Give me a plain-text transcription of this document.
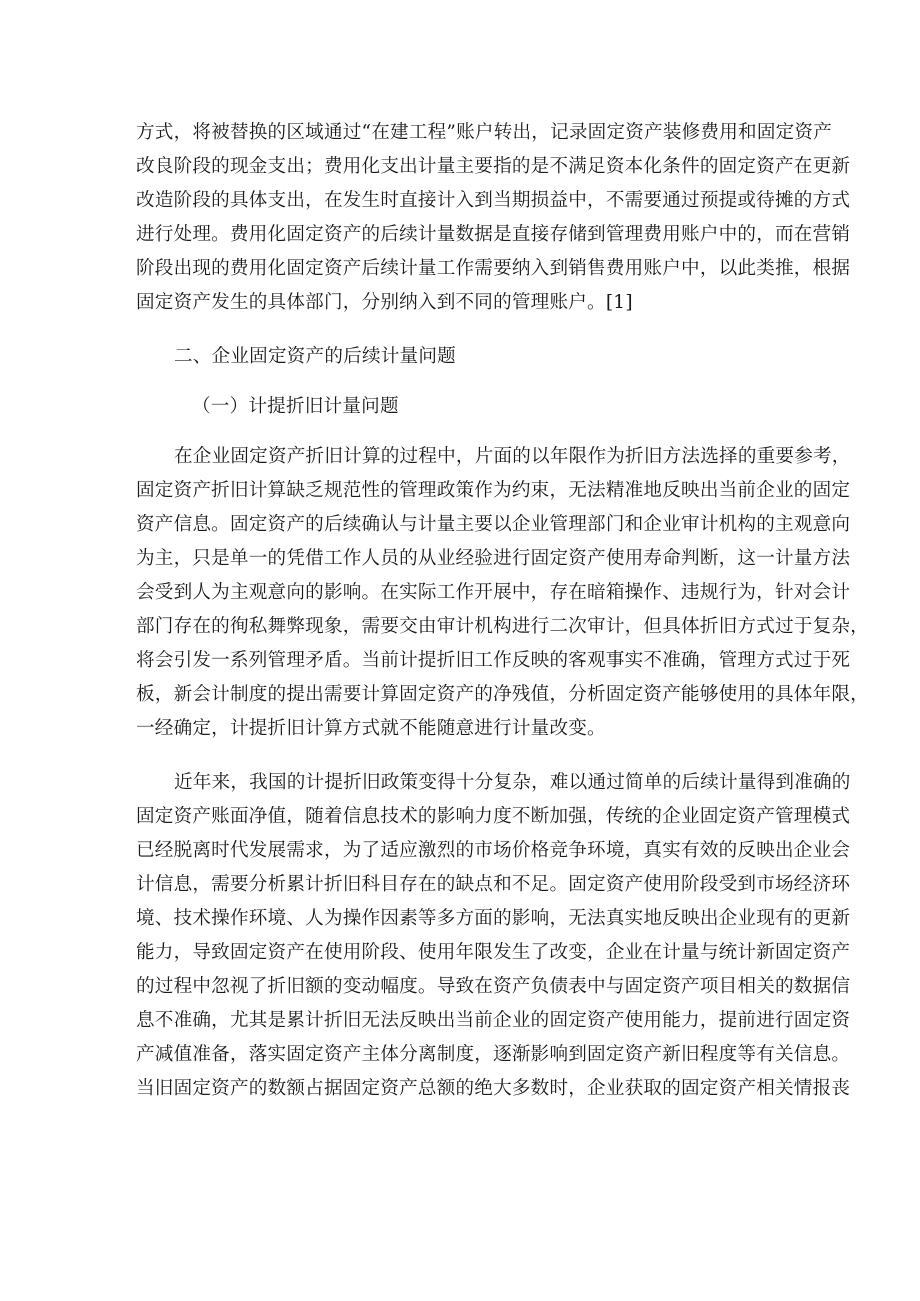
方式，将被替换的区域通过“在建工程”账户转出，记录固定资产装修费用和固定资产
改良阶段的现金支出；费用化支出计量主要指的是不满足资本化条件的固定资产在更新
改造阶段的具体支出，在发生时直接计入到当期损益中，不需要通过预提或待摊的方式
进行处理。费用化固定资产的后续计量数据是直接存储到管理费用账户中的，而在营销
阶段出现的费用化固定资产后续计量工作需要纳入到销售费用账户中，以此类推，根据
固定资产发生的具体部门，分别纳入到不同的管理账户。[1]
二、企业固定资产的后续计量问题
（一）计提折旧计量问题
在企业固定资产折旧计算的过程中，片面的以年限作为折旧方法选择的重要参考，
固定资产折旧计算缺乏规范性的管理政策作为约束，无法精准地反映出当前企业的固定
资产信息。固定资产的后续确认与计量主要以企业管理部门和企业审计机构的主观意向
为主，只是单一的凭借工作人员的从业经验进行固定资产使用寿命判断，这一计量方法
会受到人为主观意向的影响。在实际工作开展中，存在暗箱操作、违规行为，针对会计
部门存在的徇私舞弊现象，需要交由审计机构进行二次审计，但具体折旧方式过于复杂，
将会引发一系列管理矛盾。当前计提折旧工作反映的客观事实不准确，管理方式过于死
板，新会计制度的提出需要计算固定资产的净残值，分析固定资产能够使用的具体年限，
一经确定，计提折旧计算方式就不能随意进行计量改变。
近年来，我国的计提折旧政策变得十分复杂，难以通过简单的后续计量得到准确的
固定资产账面净值，随着信息技术的影响力度不断加强，传统的企业固定资产管理模式
已经脱离时代发展需求，为了适应激烈的市场价格竞争环境，真实有效的反映出企业会
计信息，需要分析累计折旧科目存在的缺点和不足。固定资产使用阶段受到市场经济环
境、技术操作环境、人为操作因素等多方面的影响，无法真实地反映出企业现有的更新
能力，导致固定资产在使用阶段、使用年限发生了改变，企业在计量与统计新固定资产
的过程中忽视了折旧额的变动幅度。导致在资产负债表中与固定资产项目相关的数据信
息不准确，尤其是累计折旧无法反映出当前企业的固定资产使用能力，提前进行固定资
产减值准备，落实固定资产主体分离制度，逐渐影响到固定资产新旧程度等有关信息。
当旧固定资产的数额占据固定资产总额的绝大多数时，企业获取的固定资产相关情报丧
